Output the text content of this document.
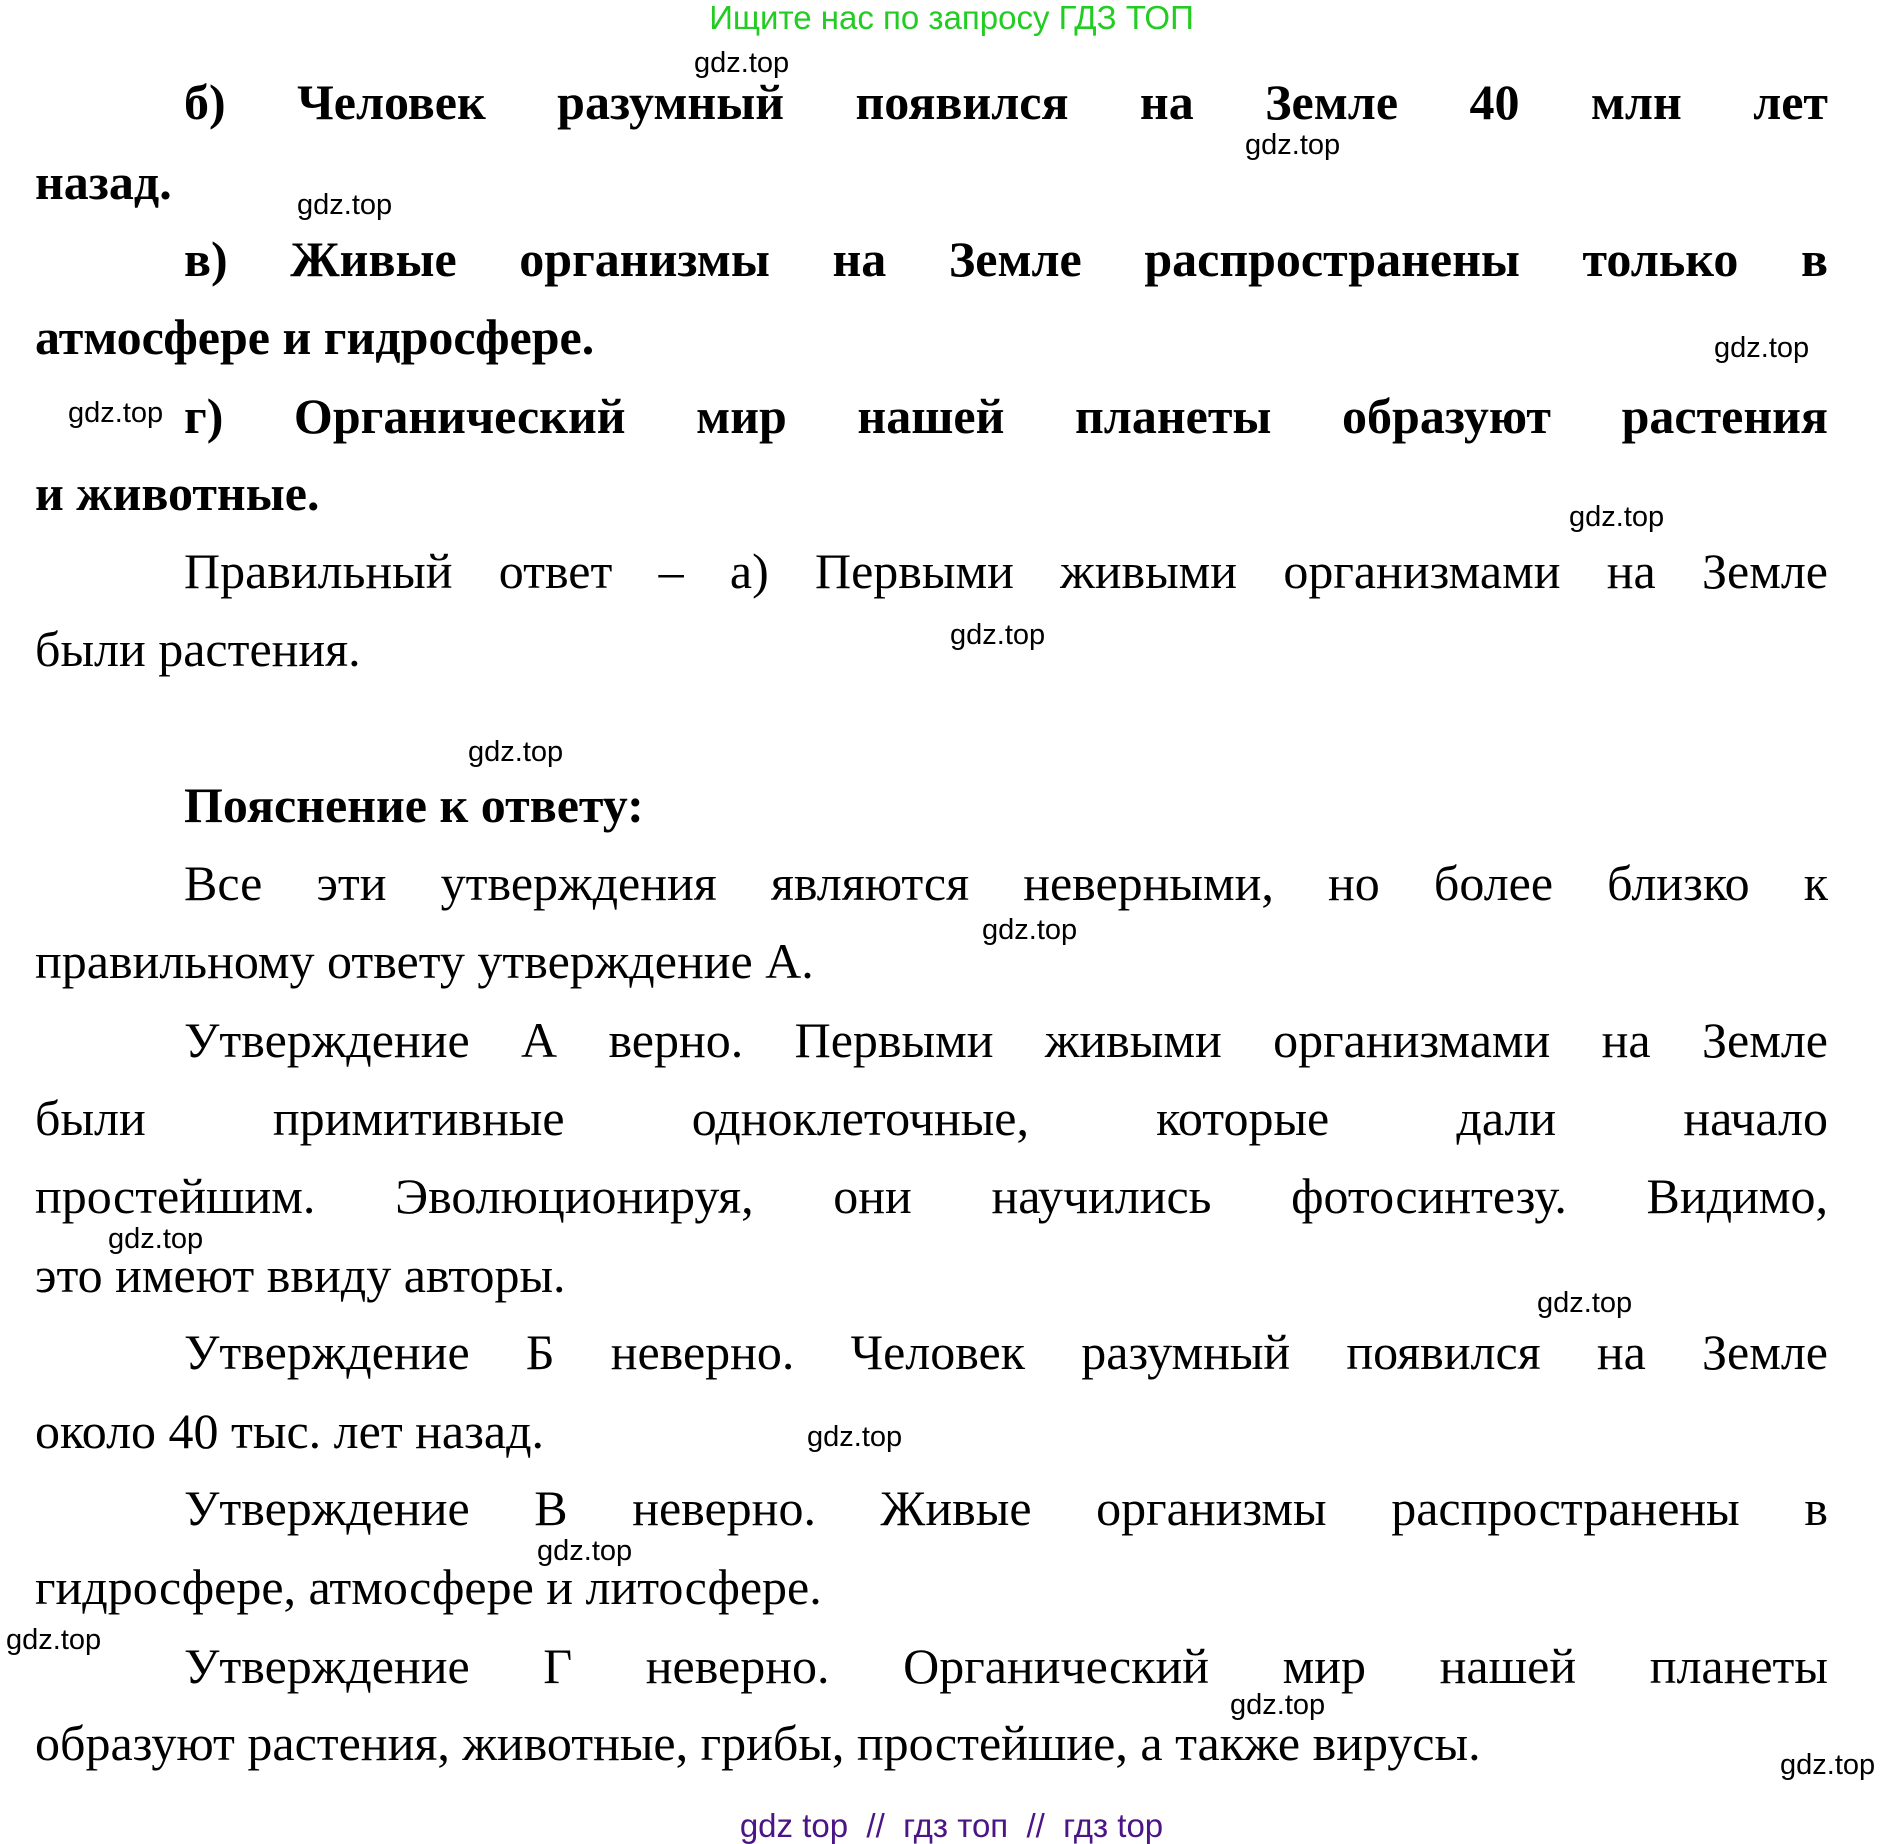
Ищите нас по запросу ГДЗ ТОП
б) Человек разумный появился на Земле 40 млн лет
назад.
в) Живые организмы на Земле распространены только в
атмосфере и гидросфере.
г) Органический мир нашей планеты образуют растения
и животные.
Правильный ответ – а) Первыми живыми организмами на Земле
были растения.
Пояснение к ответу:
Все эти утверждения являются неверными, но более близко к
правильному ответу утверждение А.
Утверждение А верно. Первыми живыми организмами на Земле
были примитивные одноклеточные, которые дали начало
простейшим. Эволюционируя, они научились фотосинтезу. Видимо,
это имеют ввиду авторы.
Утверждение Б неверно. Человек разумный появился на Земле
около 40 тыс. лет назад.
Утверждение В неверно. Живые организмы распространены в
гидросфере, атмосфере и литосфере.
Утверждение Г неверно. Органический мир нашей планеты
образуют растения, животные, грибы, простейшие, а также вирусы.
gdz.top
gdz.top
gdz.top
gdz.top
gdz.top
gdz.top
gdz.top
gdz.top
gdz.top
gdz.top
gdz.top
gdz.top
gdz.top
gdz.top
gdz.top
gdz.top
gdz top  //  гдз топ  //  гдз top
